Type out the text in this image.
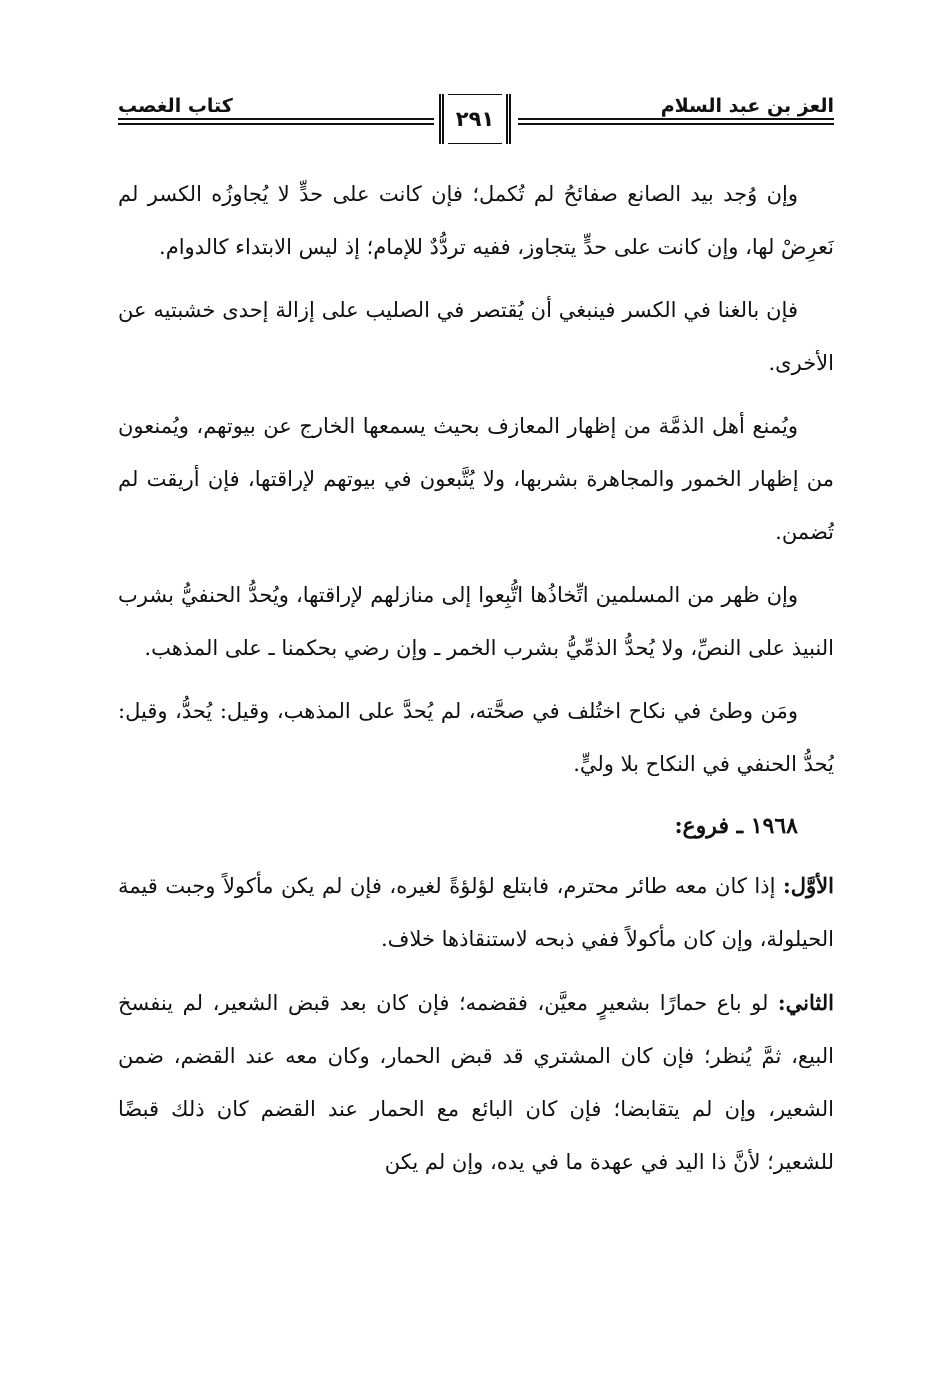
العز بن عبد السلام
٢٩١
كتاب الغصب

وإن وُجد بيد الصانع صفائحُ لم تُكمل؛ فإن كانت على حدٍّ لا يُجاوزُه الكسر لم نَعرِضْ لها، وإن كانت على حدٍّ يتجاوز، ففيه تردُّدٌ للإمام؛ إذ ليس الابتداء كالدوام.

فإن بالغنا في الكسر فينبغي أن يُقتصر في الصليب على إزالة إحدى خشبتيه عن الأخرى.

ويُمنع أهل الذمَّة من إظهار المعازف بحيث يسمعها الخارج عن بيوتهم، ويُمنعون من إظهار الخمور والمجاهرة بشربها، ولا يُتَّبعون في بيوتهم لإراقتها، فإن أريقت لم تُضمن.

وإن ظهر من المسلمين اتِّخاذُها اتُّبِعوا إلى منازلهم لإراقتها، ويُحدُّ الحنفيُّ بشرب النبيذ على النصِّ، ولا يُحدُّ الذمِّيُّ بشرب الخمر ـ وإن رضي بحكمنا ـ على المذهب.

ومَن وطئ في نكاح اختُلف في صحَّته، لم يُحدَّ على المذهب، وقيل: يُحدُّ، وقيل: يُحدُّ الحنفي في النكاح بلا وليٍّ.

١٩٦٨ ـ فروع:

الأوَّل: إذا كان معه طائر محترم، فابتلع لؤلؤةً لغيره، فإن لم يكن مأكولاً وجبت قيمة الحيلولة، وإن كان مأكولاً ففي ذبحه لاستنقاذها خلاف.

الثاني: لو باع حمارًا بشعيرٍ معيَّن، فقضمه؛ فإن كان بعد قبض الشعير، لم ينفسخ البيع، ثمَّ يُنظر؛ فإن كان المشتري قد قبض الحمار، وكان معه عند القضم، ضمن الشعير، وإن لم يتقابضا؛ فإن كان البائع مع الحمار عند القضم كان ذلك قبضًا للشعير؛ لأنَّ ذا اليد في عهدة ما في يده، وإن لم يكن
